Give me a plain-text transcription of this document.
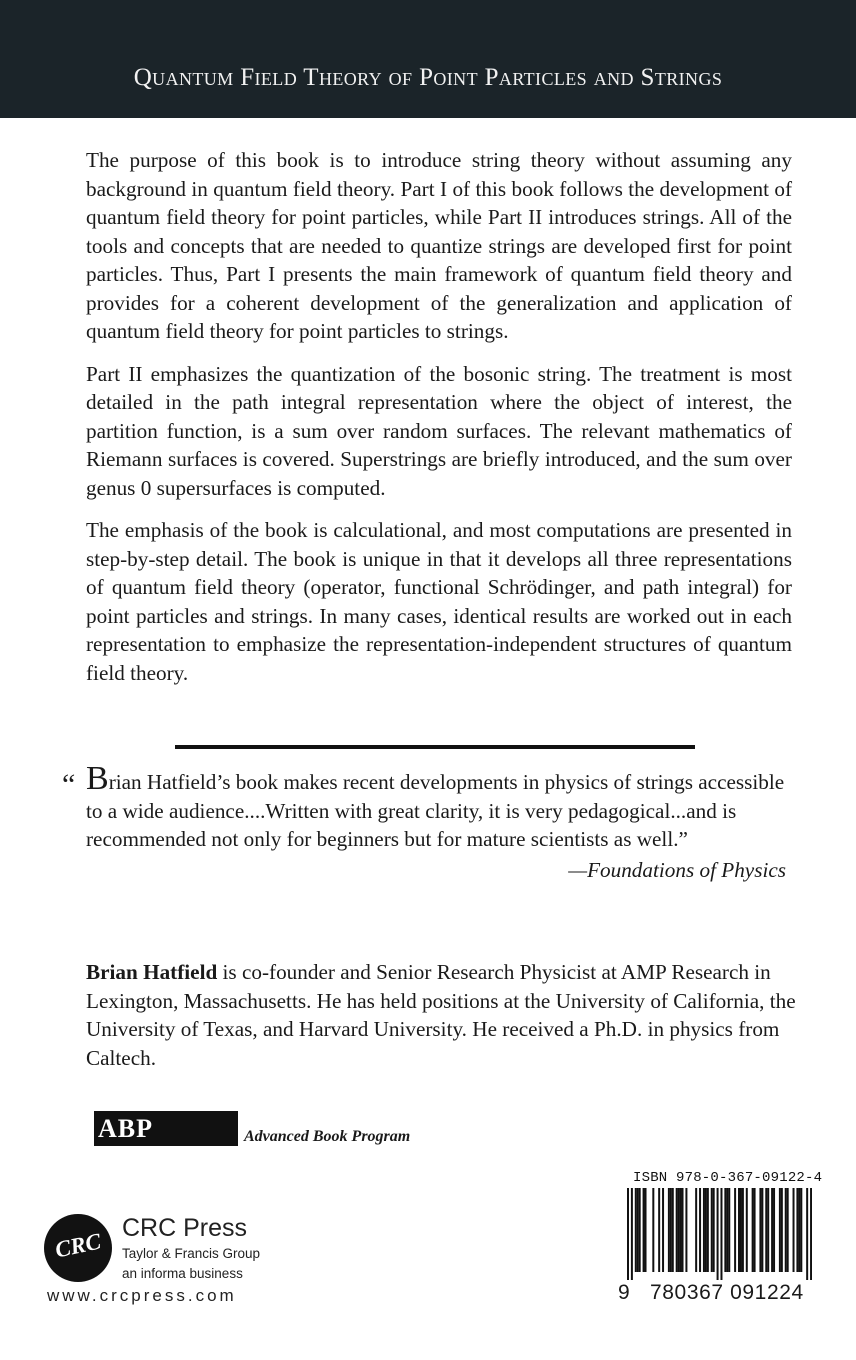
Quantum Field Theory of Point Particles and Strings

The purpose of this book is to introduce string theory without assuming any background in quantum field theory. Part I of this book follows the development of quantum field theory for point particles, while Part II introduces strings. All of the tools and concepts that are needed to quantize strings are developed first for point particles. Thus, Part I presents the main framework of quantum field theory and provides for a coherent development of the generalization and application of quantum field theory for point particles to strings.

Part II emphasizes the quantization of the bosonic string. The treatment is most detailed in the path integral representation where the object of interest, the partition function, is a sum over random surfaces. The relevant mathematics of Riemann surfaces is covered. Superstrings are briefly introduced, and the sum over genus 0 supersurfaces is computed.

The emphasis of the book is calculational, and most computations are presented in step-by-step detail. The book is unique in that it develops all three representations of quantum field theory (operator, functional Schrödinger, and path integral) for point particles and strings. In many cases, identical results are worked out in each representation to emphasize the representation-independent structures of quantum field theory.

“ Brian Hatfield’s book makes recent developments in physics of strings accessible to a wide audience....Written with great clarity, it is very pedagogical...and is recommended not only for beginners but for mature scientists as well.”
—Foundations of Physics
Brian Hatfield is co-founder and Senior Research Physicist at AMP Research in Lexington, Massachusetts. He has held positions at the University of California, the University of Texas, and Harvard University. He received a Ph.D. in physics from Caltech.
ABP	Advanced Book Program
CRC
CRC Press
Taylor & Francis Group
an informa business
www.crcpress.com
ISBN 978-0-367-09122-4
9 780367 091224
